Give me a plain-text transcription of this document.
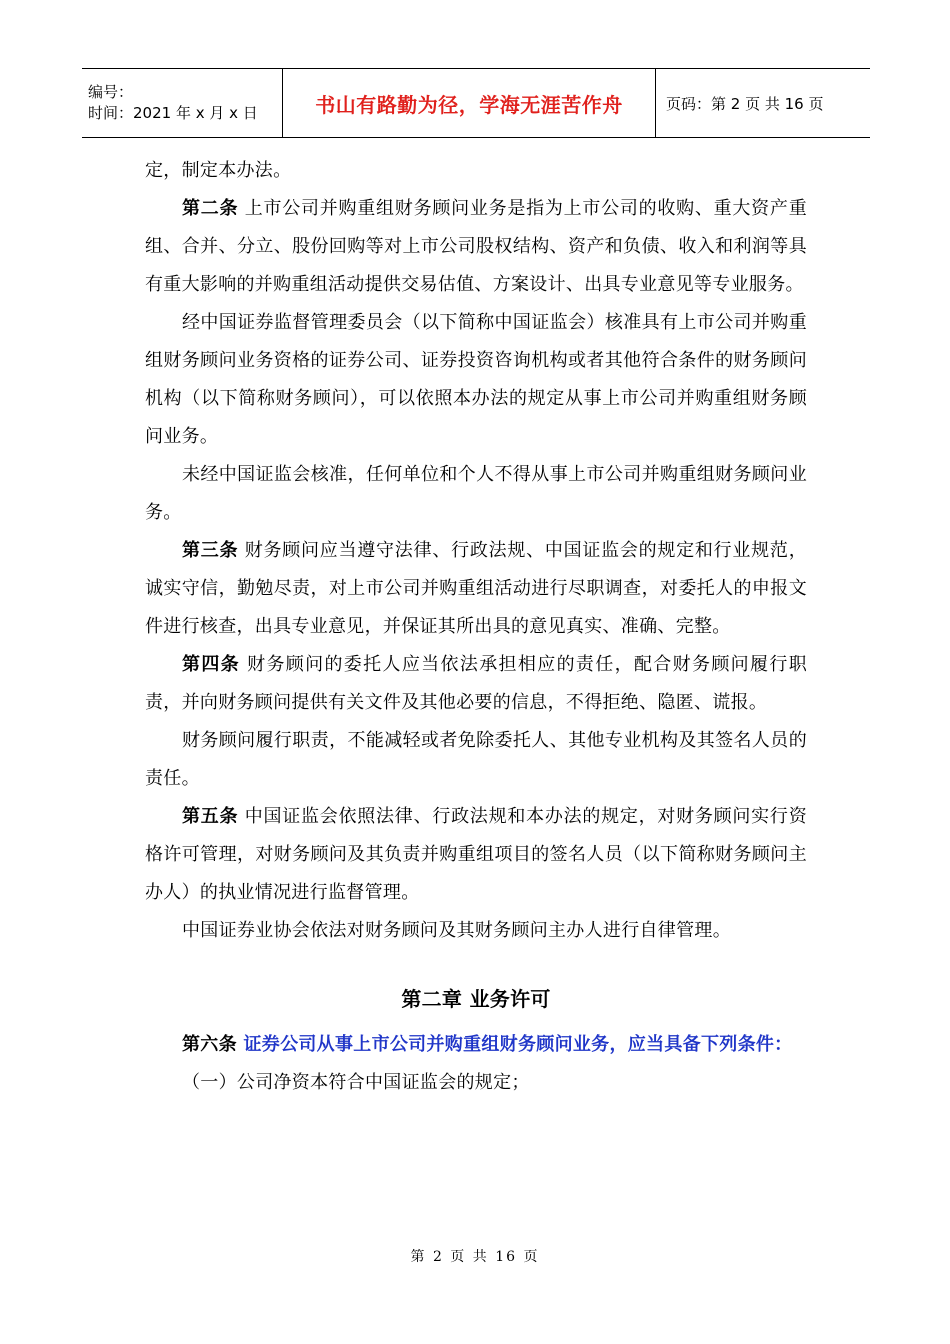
编号：
时间：2021 年 x 月 x 日	书山有路勤为径，学海无涯苦作舟	页码：第 2 页 共 16 页

定，制定本办法。

第二条 上市公司并购重组财务顾问业务是指为上市公司的收购、重大资产重组、合并、分立、股份回购等对上市公司股权结构、资产和负债、收入和利润等具有重大影响的并购重组活动提供交易估值、方案设计、出具专业意见等专业服务。

经中国证券监督管理委员会（以下简称中国证监会）核准具有上市公司并购重组财务顾问业务资格的证券公司、证券投资咨询机构或者其他符合条件的财务顾问机构（以下简称财务顾问），可以依照本办法的规定从事上市公司并购重组财务顾问业务。

未经中国证监会核准，任何单位和个人不得从事上市公司并购重组财务顾问业务。

第三条 财务顾问应当遵守法律、行政法规、中国证监会的规定和行业规范，诚实守信，勤勉尽责，对上市公司并购重组活动进行尽职调查，对委托人的申报文件进行核查，出具专业意见，并保证其所出具的意见真实、准确、完整。

第四条 财务顾问的委托人应当依法承担相应的责任，配合财务顾问履行职责，并向财务顾问提供有关文件及其他必要的信息，不得拒绝、隐匿、谎报。

财务顾问履行职责，不能减轻或者免除委托人、其他专业机构及其签名人员的责任。

第五条 中国证监会依照法律、行政法规和本办法的规定，对财务顾问实行资格许可管理，对财务顾问及其负责并购重组项目的签名人员（以下简称财务顾问主办人）的执业情况进行监督管理。

中国证券业协会依法对财务顾问及其财务顾问主办人进行自律管理。

第二章 业务许可

第六条 证券公司从事上市公司并购重组财务顾问业务，应当具备下列条件：

（一）公司净资本符合中国证监会的规定；

第 2 页 共 16 页
